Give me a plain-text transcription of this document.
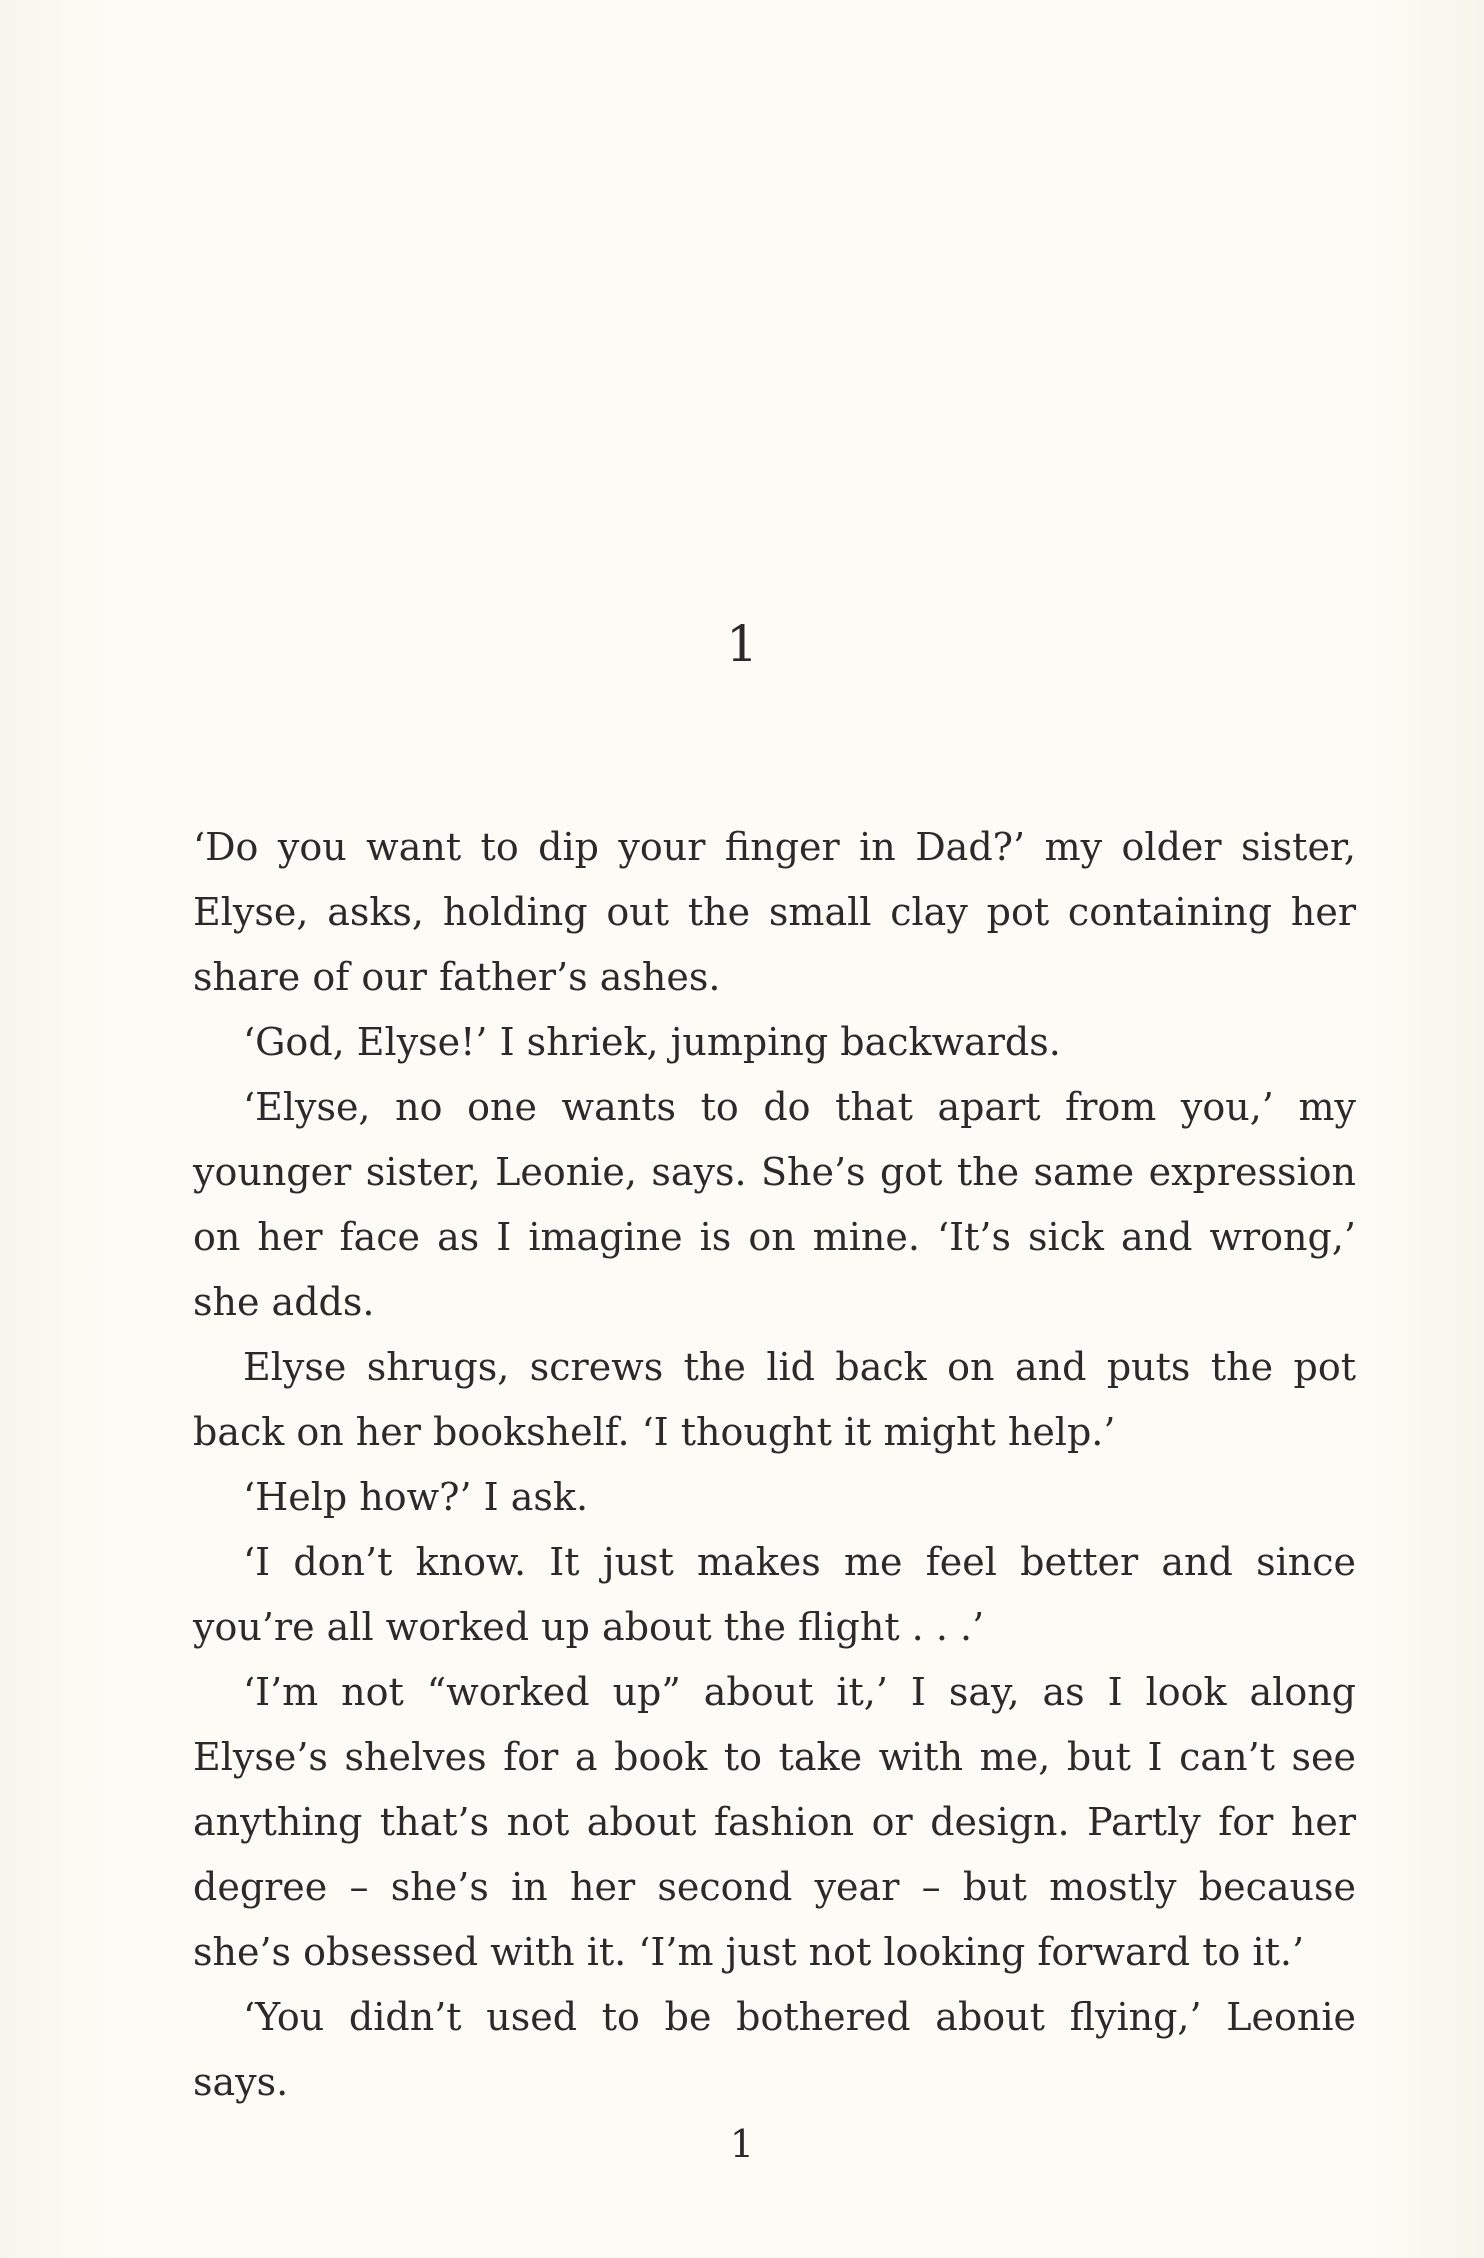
1

‘Do you want to dip your finger in Dad?’ my older sister, Elyse, asks, holding out the small clay pot containing her share of our father’s ashes.

‘God, Elyse!’ I shriek, jumping backwards.

‘Elyse, no one wants to do that apart from you,’ my younger sister, Leonie, says. She’s got the same expression on her face as I imagine is on mine. ‘It’s sick and wrong,’ she adds.

Elyse shrugs, screws the lid back on and puts the pot back on her bookshelf. ‘I thought it might help.’

‘Help how?’ I ask.

‘I don’t know. It just makes me feel better and since you’re all worked up about the flight . . .’

‘I’m not “worked up” about it,’ I say, as I look along Elyse’s shelves for a book to take with me, but I can’t see anything that’s not about fashion or design. Partly for her degree – she’s in her second year – but mostly because she’s obsessed with it. ‘I’m just not looking forward to it.’

‘You didn’t used to be bothered about flying,’ Leonie says.

1
